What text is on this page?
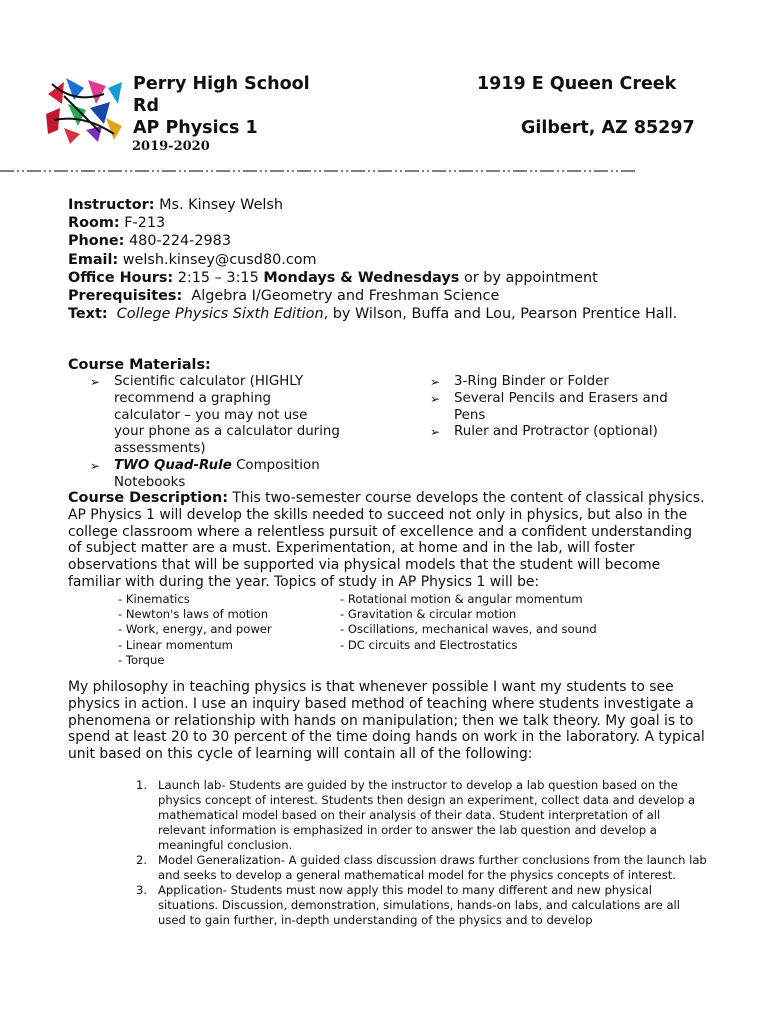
Perry High School
Rd
AP Physics 1
1919 E Queen Creek
Gilbert, AZ 85297
2019-2020

Instructor: Ms. Kinsey Welsh

Room: F-213

Phone: 480-224-2983

Email: welsh.kinsey@cusd80.com

Office Hours: 2:15 – 3:15 Mondays & Wednesdays or by appointment

Prerequisites: Algebra I/Geometry and Freshman Science

Text: College Physics Sixth Edition, by Wilson, Buffa and Lou, Pearson Prentice Hall.

Course Materials:
➢ Scientific calculator (HIGHLY recommend a graphing calculator – you may not use your phone as a calculator during assessments)
➢ TWO Quad-Rule Composition Notebooks
➢ 3-Ring Binder or Folder
➢ Several Pencils and Erasers and Pens
➢ Ruler and Protractor (optional)

Course Description: This two-semester course develops the content of classical physics. AP Physics 1 will develop the skills needed to succeed not only in physics, but also in the college classroom where a relentless pursuit of excellence and a confident understanding of subject matter are a must. Experimentation, at home and in the lab, will foster observations that will be supported via physical models that the student will become familiar with during the year. Topics of study in AP Physics 1 will be:

- Kinematics
- Newton's laws of motion
- Work, energy, and power
- Linear momentum
- Torque
- Rotational motion & angular momentum
- Gravitation & circular motion
- Oscillations, mechanical waves, and sound
- DC circuits and Electrostatics

My philosophy in teaching physics is that whenever possible I want my students to see physics in action. I use an inquiry based method of teaching where students investigate a phenomena or relationship with hands on manipulation; then we talk theory. My goal is to spend at least 20 to 30 percent of the time doing hands on work in the laboratory. A typical unit based on this cycle of learning will contain all of the following:

1. Launch lab- Students are guided by the instructor to develop a lab question based on the physics concept of interest. Students then design an experiment, collect data and develop a mathematical model based on their analysis of their data. Student interpretation of all relevant information is emphasized in order to answer the lab question and develop a meaningful conclusion.
2. Model Generalization- A guided class discussion draws further conclusions from the launch lab and seeks to develop a general mathematical model for the physics concepts of interest.
3. Application- Students must now apply this model to many different and new physical situations. Discussion, demonstration, simulations, hands-on labs, and calculations are all used to gain further, in-depth understanding of the physics and to develop
